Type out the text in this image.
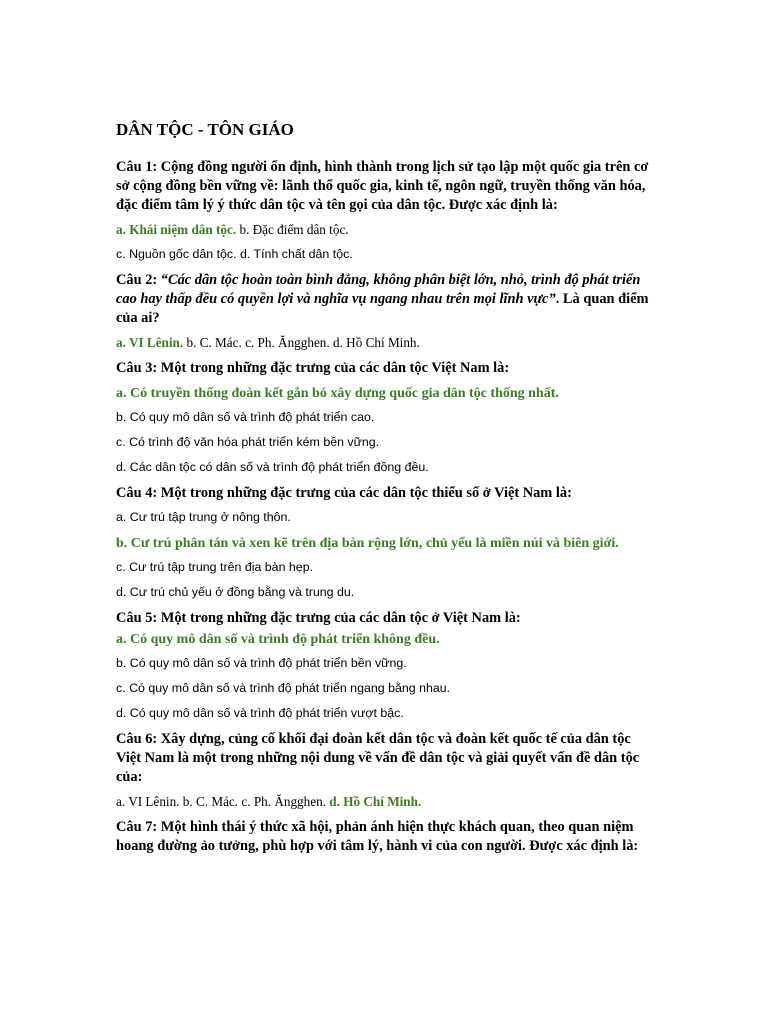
DÂN TỘC - TÔN GIÁO
Câu 1: Cộng đồng người ổn định, hình thành trong lịch sử tạo lập một quốc gia trên cơ sở cộng đồng bền vững về: lãnh thổ quốc gia, kinh tế, ngôn ngữ, truyền thống văn hóa, đặc điểm tâm lý ý thức dân tộc và tên gọi của dân tộc. Được xác định là:
a. Khái niệm dân tộc. b. Đặc điểm dân tộc.
c. Nguồn gốc dân tộc. d. Tính chất dân tộc.
Câu 2: “Các dân tộc hoàn toàn bình đẳng, không phân biệt lớn, nhỏ, trình độ phát triển cao hay thấp đều có quyền lợi và nghĩa vụ ngang nhau trên mọi lĩnh vực”. Là quan điểm của ai?
a. VI Lênin. b. C. Mác. c. Ph. Ăngghen. d. Hồ Chí Minh.
Câu 3: Một trong những đặc trưng của các dân tộc Việt Nam là:
a. Có truyền thống đoàn kết gắn bó xây dựng quốc gia dân tộc thống nhất.
b. Có quy mô dân số và trình độ phát triển cao.
c. Có trình độ văn hóa phát triển kém bền vững.
d. Các dân tộc có dân số và trình độ phát triển đồng đều.
Câu 4: Một trong những đặc trưng của các dân tộc thiểu số ở Việt Nam là:
a. Cư trú tập trung ở nông thôn.
b. Cư trú phân tán và xen kẽ trên địa bàn rộng lớn, chủ yếu là miền núi và biên giới.
c. Cư trú tập trung trên địa bàn hẹp.
d. Cư trú chủ yếu ở đồng bằng và trung du.
Câu 5: Một trong những đặc trưng của các dân tộc ở Việt Nam là:
a. Có quy mô dân số và trình độ phát triển không đều.
b. Có quy mô dân số và trình độ phát triển bền vững.
c. Có quy mô dân số và trình độ phát triển ngang bằng nhau.
d. Có quy mô dân số và trình độ phát triển vượt bậc.
Câu 6: Xây dựng, củng cố khối đại đoàn kết dân tộc và đoàn kết quốc tế của dân tộc Việt Nam là một trong những nội dung về vấn đề dân tộc và giải quyết vấn đề dân tộc của:
a. VI Lênin. b. C. Mác. c. Ph. Ăngghen. d. Hồ Chí Minh.
Câu 7: Một hình thái ý thức xã hội, phản ánh hiện thực khách quan, theo quan niệm hoang đường ảo tưởng, phù hợp với tâm lý, hành vi của con người. Được xác định là:
